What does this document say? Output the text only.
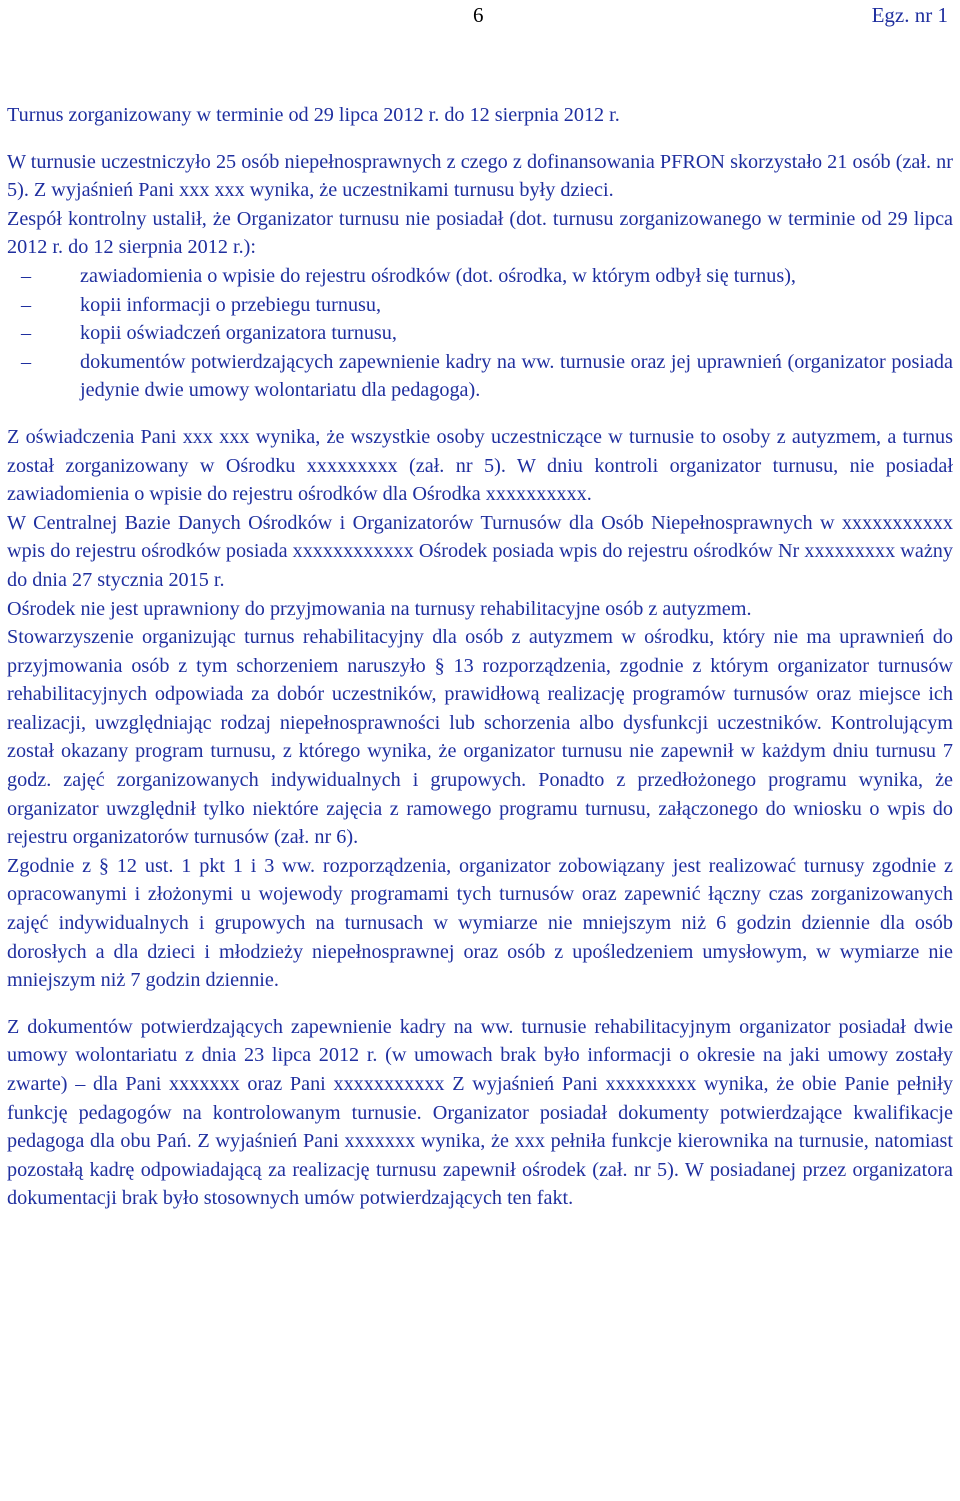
6	Egz. nr 1

Turnus zorganizowany w terminie od 29 lipca 2012 r. do 12 sierpnia 2012 r.

W turnusie uczestniczyło 25 osób niepełnosprawnych z czego z dofinansowania PFRON skorzystało 21 osób (zał. nr 5). Z wyjaśnień Pani xxx xxx wynika, że uczestnikami turnusu były dzieci.

Zespół kontrolny ustalił, że Organizator turnusu nie posiadał (dot. turnusu zorganizowanego w terminie od 29 lipca 2012 r. do 12 sierpnia 2012 r.):

– zawiadomienia o wpisie do rejestru ośrodków (dot. ośrodka, w którym odbył się turnus),
– kopii informacji o przebiegu turnusu,
– kopii oświadczeń organizatora turnusu,
– dokumentów potwierdzających zapewnienie kadry na ww. turnusie oraz jej uprawnień (organizator posiada jedynie dwie umowy wolontariatu dla pedagoga).

Z oświadczenia Pani xxx xxx wynika, że wszystkie osoby uczestniczące w turnusie to osoby z autyzmem, a turnus został zorganizowany w Ośrodku xxxxxxxxx (zał. nr 5). W dniu kontroli organizator turnusu, nie posiadał zawiadomienia o wpisie do rejestru ośrodków dla Ośrodka xxxxxxxxxx.

W Centralnej Bazie Danych Ośrodków i Organizatorów Turnusów dla Osób Niepełnosprawnych w xxxxxxxxxxx wpis do rejestru ośrodków posiada xxxxxxxxxxxx Ośrodek posiada wpis do rejestru ośrodków Nr xxxxxxxxx ważny do dnia 27 stycznia 2015 r.

Ośrodek nie jest uprawniony do przyjmowania na turnusy rehabilitacyjne osób z autyzmem.

Stowarzyszenie organizując turnus rehabilitacyjny dla osób z autyzmem w ośrodku, który nie ma uprawnień do przyjmowania osób z tym schorzeniem naruszyło § 13 rozporządzenia, zgodnie z którym organizator turnusów rehabilitacyjnych odpowiada za dobór uczestników, prawidłową realizację programów turnusów oraz miejsce ich realizacji, uwzględniając rodzaj niepełnosprawności lub schorzenia albo dysfunkcji uczestników. Kontrolującym został okazany program turnusu, z którego wynika, że organizator turnusu nie zapewnił w każdym dniu turnusu 7 godz. zajęć zorganizowanych indywidualnych i grupowych. Ponadto z przedłożonego programu wynika, że organizator uwzględnił tylko niektóre zajęcia z ramowego programu turnusu, załączonego do wniosku o wpis do rejestru organizatorów turnusów (zał. nr 6).

Zgodnie z § 12 ust. 1 pkt 1 i 3 ww. rozporządzenia, organizator zobowiązany jest realizować turnusy zgodnie z opracowanymi i złożonymi u wojewody programami tych turnusów oraz zapewnić łączny czas zorganizowanych zajęć indywidualnych i grupowych na turnusach w wymiarze nie mniejszym niż 6 godzin dziennie dla osób dorosłych a dla dzieci i młodzieży niepełnosprawnej oraz osób z upośledzeniem umysłowym, w wymiarze nie mniejszym niż 7 godzin dziennie.

Z dokumentów potwierdzających zapewnienie kadry na ww. turnusie rehabilitacyjnym organizator posiadał dwie umowy wolontariatu z dnia 23 lipca 2012 r. (w umowach brak było informacji o okresie na jaki umowy zostały zwarte) – dla Pani xxxxxxx oraz Pani xxxxxxxxxxx Z wyjaśnień Pani xxxxxxxxx wynika, że obie Panie pełniły funkcję pedagogów na kontrolowanym turnusie. Organizator posiadał dokumenty potwierdzające kwalifikacje pedagoga dla obu Pań. Z wyjaśnień Pani xxxxxxx wynika, że xxx pełniła funkcje kierownika na turnusie, natomiast pozostałą kadrę odpowiadającą za realizację turnusu zapewnił ośrodek (zał. nr 5). W posiadanej przez organizatora dokumentacji brak było stosownych umów potwierdzających ten fakt.
